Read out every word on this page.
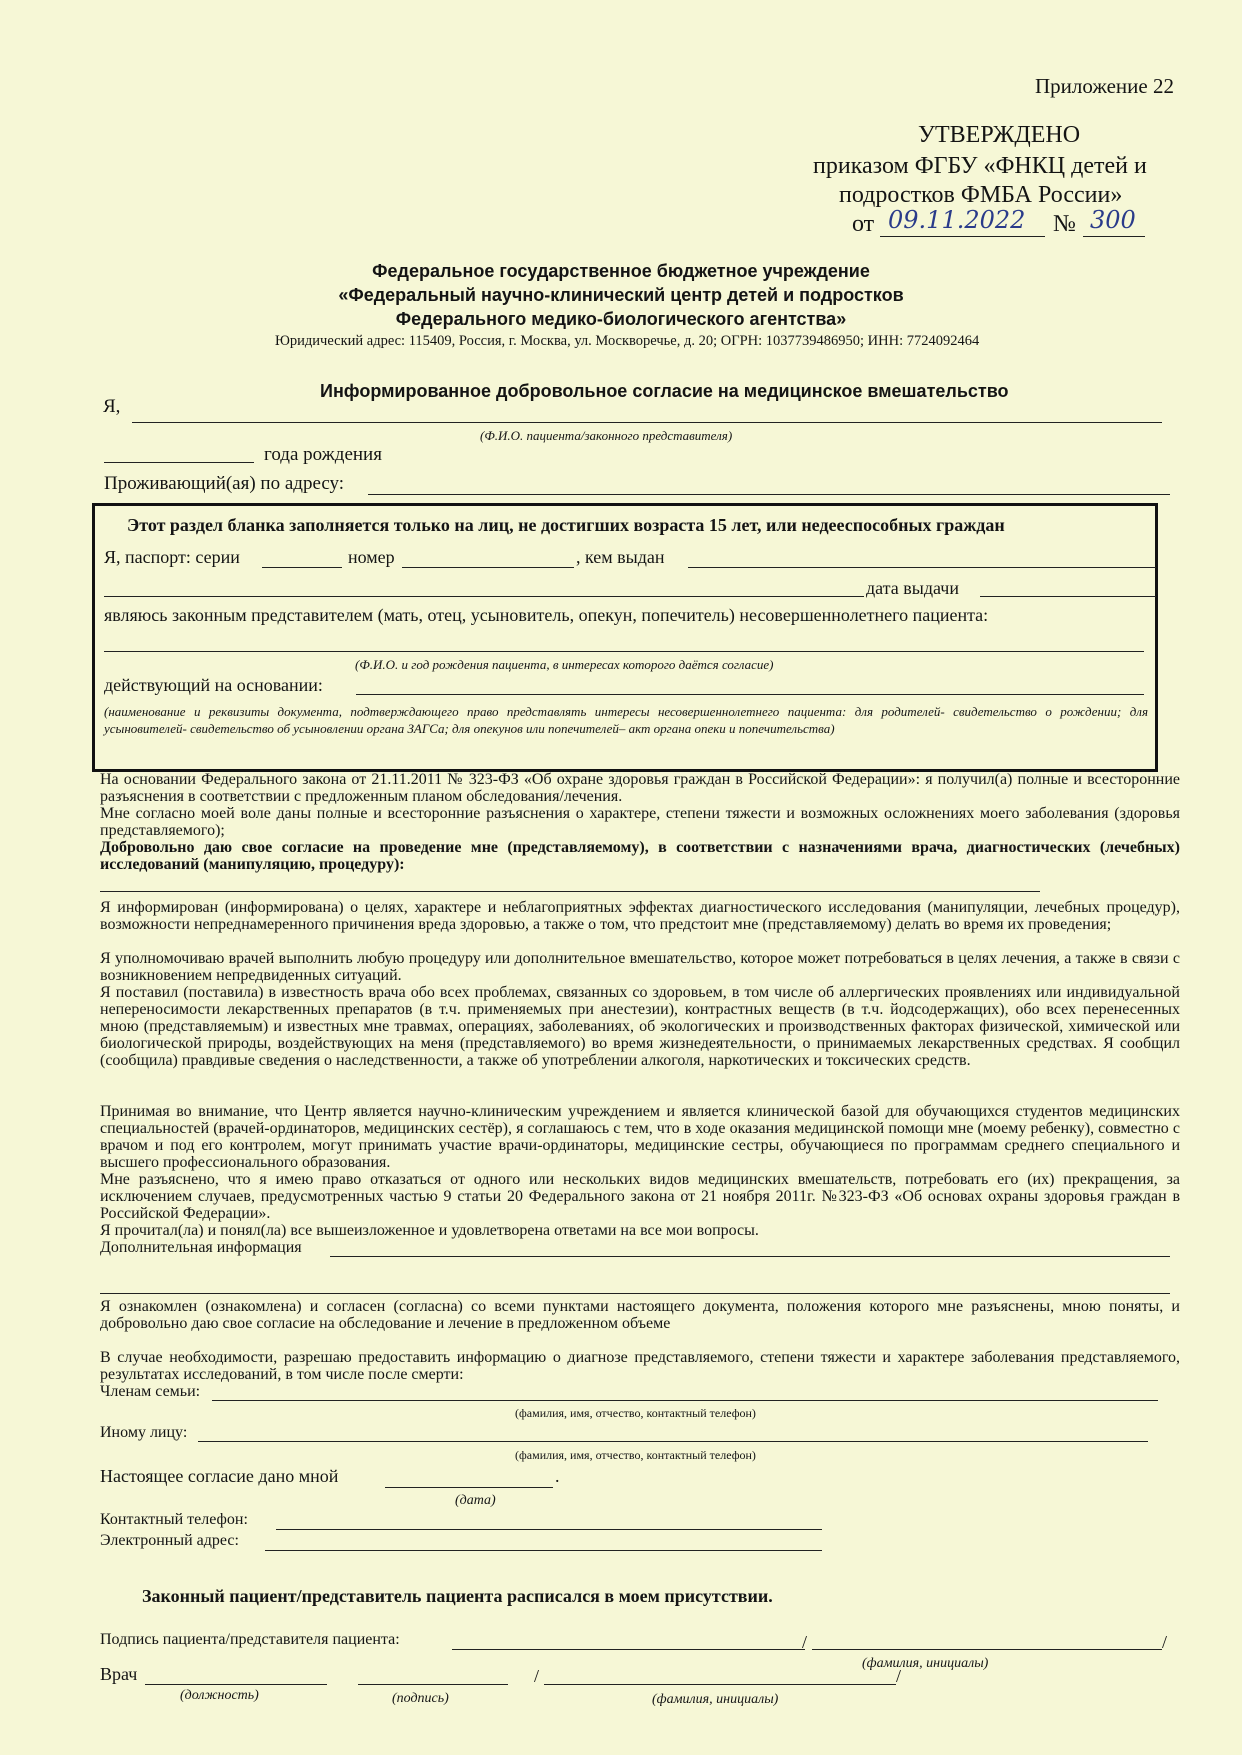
Приложение 22
УТВЕРЖДЕНО
приказом ФГБУ «ФНКЦ детей и
подростков ФМБА России»
от 09.11.2022 № 300
Федеральное государственное бюджетное учреждение
«Федеральный научно-клинический центр детей и подростков
Федерального медико-биологического агентства»
Юридический адрес: 115409, Россия, г. Москва, ул. Москворечье, д. 20; ОГРН: 1037739486950; ИНН: 7724092464
Информированное добровольное согласие на медицинское вмешательство
Я,
(Ф.И.О. пациента/законного представителя)
года рождения
Проживающий(ая) по адресу:
Этот раздел бланка заполняется только на лиц, не достигших возраста 15 лет, или недееспособных граждан
Я, паспорт: серии	номер	, кем выдан
дата выдачи
являюсь законным представителем (мать, отец, усыновитель, опекун, попечитель) несовершеннолетнего пациента:
(Ф.И.О. и год рождения пациента, в интересах которого даётся согласие)
действующий на основании:
(наименование и реквизиты документа, подтверждающего право представлять интересы несовершеннолетнего пациента: для родителей- свидетельство о рождении; для усыновителей- свидетельство об усыновлении органа ЗАГСа; для опекунов или попечителей– акт органа опеки и попечительства)
На основании Федерального закона от 21.11.2011 № 323-ФЗ «Об охране здоровья граждан в Российской Федерации»: я получил(а) полные и всесторонние разъяснения в соответствии с предложенным планом обследования/лечения.
Мне согласно моей воле даны полные и всесторонние разъяснения о характере, степени тяжести и возможных осложнениях моего заболевания (здоровья представляемого);
Добровольно даю свое согласие на проведение мне (представляемому), в соответствии с назначениями врача, диагностических (лечебных) исследований (манипуляцию, процедуру):
Я информирован (информирована) о целях, характере и неблагоприятных эффектах диагностического исследования (манипуляции, лечебных процедур), возможности непреднамеренного причинения вреда здоровью, а также о том, что предстоит мне (представляемому) делать во время их проведения;
Я уполномочиваю врачей выполнить любую процедуру или дополнительное вмешательство, которое может потребоваться в целях лечения, а также в связи с возникновением непредвиденных ситуаций.
Я поставил (поставила) в известность врача обо всех проблемах, связанных со здоровьем, в том числе об аллергических проявлениях или индивидуальной непереносимости лекарственных препаратов (в т.ч. применяемых при анестезии), контрастных веществ (в т.ч. йодсодержащих), обо всех перенесенных мною (представляемым) и известных мне травмах, операциях, заболеваниях, об экологических и производственных факторах физической, химической или биологической природы, воздействующих на меня (представляемого) во время жизнедеятельности, о принимаемых лекарственных средствах. Я сообщил (сообщила) правдивые сведения о наследственности, а также об употреблении алкоголя, наркотических и токсических средств.
Принимая во внимание, что Центр является научно-клиническим учреждением и является клинической базой для обучающихся студентов медицинских специальностей (врачей-ординаторов, медицинских сестёр), я соглашаюсь с тем, что в ходе оказания медицинской помощи мне (моему ребенку), совместно с врачом и под его контролем, могут принимать участие врачи-ординаторы, медицинские сестры, обучающиеся по программам среднего специального и высшего профессионального образования.
Мне разъяснено, что я имею право отказаться от одного или нескольких видов медицинских вмешательств, потребовать его (их) прекращения, за исключением случаев, предусмотренных частью 9 статьи 20 Федерального закона от 21 ноября 2011г. №323-ФЗ «Об основах охраны здоровья граждан в Российской Федерации».
Я прочитал(ла) и понял(ла) все вышеизложенное и удовлетворена ответами на все мои вопросы.
Дополнительная информация
Я ознакомлен (ознакомлена) и согласен (согласна) со всеми пунктами настоящего документа, положения которого мне разъяснены, мною поняты, и добровольно даю свое согласие на обследование и лечение в предложенном объеме
В случае необходимости, разрешаю предоставить информацию о диагнозе представляемого, степени тяжести и характере заболевания представляемого, результатах исследований, в том числе после смерти:
Членам семьи:
(фамилия, имя, отчество, контактный телефон)
Иному лицу:
(фамилия, имя, отчество, контактный телефон)
Настоящее согласие дано мной	.
(дата)
Контактный телефон:
Электронный адрес:
Законный пациент/представитель пациента расписался в моем присутствии.
Подпись пациента/представителя пациента:	/	/
(фамилия, инициалы)
Врач	/	/
(должность)	(подпись)	(фамилия, инициалы)
